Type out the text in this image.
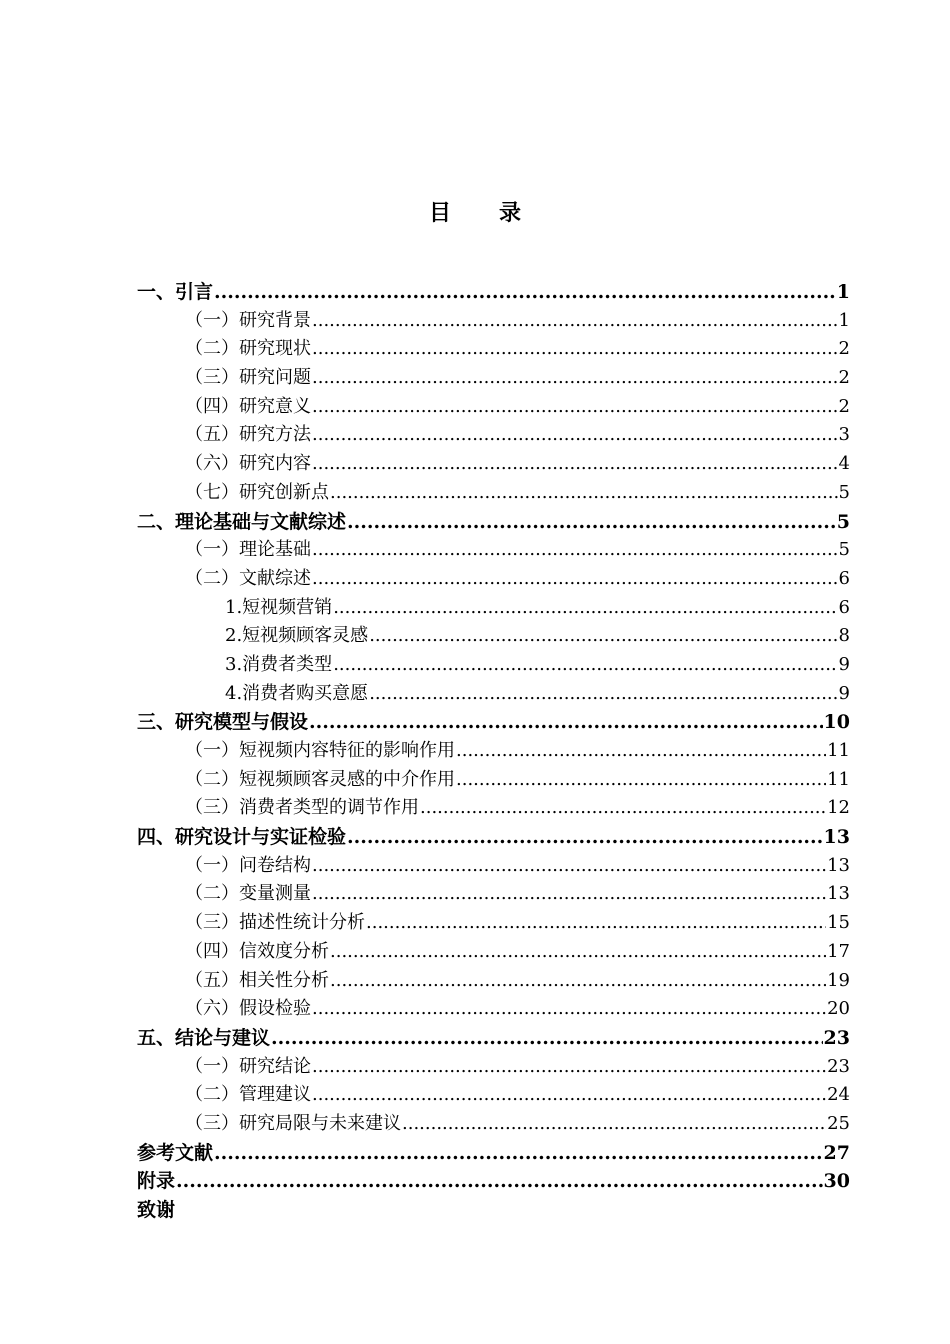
目 录
一、引言 .....	1
（一）研究背景 .....	1
（二）研究现状 .....	2
（三）研究问题 .....	2
（四）研究意义 .....	2
（五）研究方法 .....	3
（六）研究内容 .....	4
（七）研究创新点 .....	5
二、理论基础与文献综述 .....	5
（一）理论基础 .....	5
（二）文献综述 .....	6
1.短视频营销 .....	6
2.短视频顾客灵感 .....	8
3.消费者类型 .....	9
4.消费者购买意愿 .....	9
三、研究模型与假设 .....	10
（一）短视频内容特征的影响作用 .....	11
（二）短视频顾客灵感的中介作用 .....	11
（三）消费者类型的调节作用 .....	12
四、研究设计与实证检验 .....	13
（一）问卷结构 .....	13
（二）变量测量 .....	13
（三）描述性统计分析 .....	15
（四）信效度分析 .....	17
（五）相关性分析 .....	19
（六）假设检验 .....	20
五、结论与建议 .....	23
（一）研究结论 .....	23
（二）管理建议 .....	24
（三）研究局限与未来建议 .....	25
参考文献 .....	27
附录 .....	30
致谢
